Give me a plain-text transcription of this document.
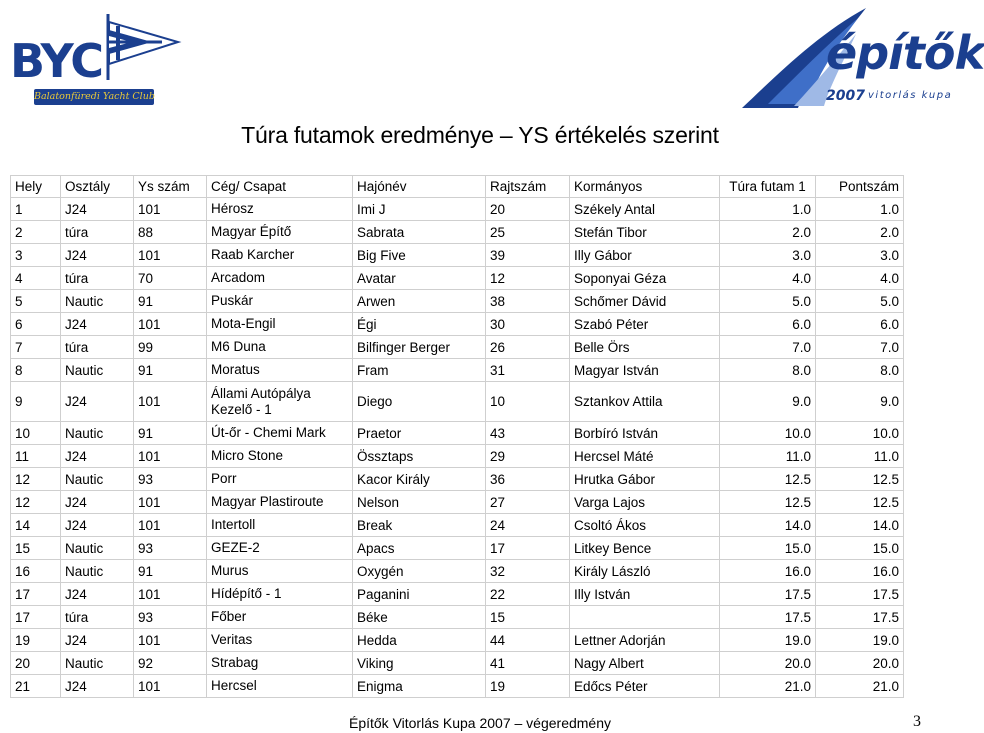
BYC
Balatonfüredi Yacht Club
építők
2007 vitorlás kupa
Túra futamok eredménye – YS értékelés szerint
Hely	Osztály	Ys szám	Cég/ Csapat	Hajónév	Rajtszám	Kormányos	Túra futam 1	Pontszám
1	J24	101	Hérosz	Imi J	20	Székely Antal	1.0	1.0
2	túra	88	Magyar Építő	Sabrata	25	Stefán Tibor	2.0	2.0
3	J24	101	Raab Karcher	Big Five	39	Illy Gábor	3.0	3.0
4	túra	70	Arcadom	Avatar	12	Soponyai Géza	4.0	4.0
5	Nautic	91	Puskár	Arwen	38	Schőmer Dávid	5.0	5.0
6	J24	101	Mota-Engil	Égi	30	Szabó Péter	6.0	6.0
7	túra	99	M6 Duna	Bilfinger Berger	26	Belle Örs	7.0	7.0
8	Nautic	91	Moratus	Fram	31	Magyar István	8.0	8.0
9	J24	101	Állami Autópálya Kezelő - 1	Diego	10	Sztankov Attila	9.0	9.0
10	Nautic	91	Út-őr - Chemi Mark	Praetor	43	Borbíró István	10.0	10.0
11	J24	101	Micro Stone	Össztaps	29	Hercsel Máté	11.0	11.0
12	Nautic	93	Porr	Kacor Király	36	Hrutka Gábor	12.5	12.5
12	J24	101	Magyar Plastiroute	Nelson	27	Varga Lajos	12.5	12.5
14	J24	101	Intertoll	Break	24	Csoltó Ákos	14.0	14.0
15	Nautic	93	GEZE-2	Apacs	17	Litkey Bence	15.0	15.0
16	Nautic	91	Murus	Oxygén	32	Király László	16.0	16.0
17	J24	101	Hídépítő - 1	Paganini	22	Illy István	17.5	17.5
17	túra	93	Főber	Béke	15		17.5	17.5
19	J24	101	Veritas	Hedda	44	Lettner Adorján	19.0	19.0
20	Nautic	92	Strabag	Viking	41	Nagy Albert	20.0	20.0
21	J24	101	Hercsel	Enigma	19	Edőcs Péter	21.0	21.0
Építők Vitorlás Kupa 2007 – végeredmény	3
